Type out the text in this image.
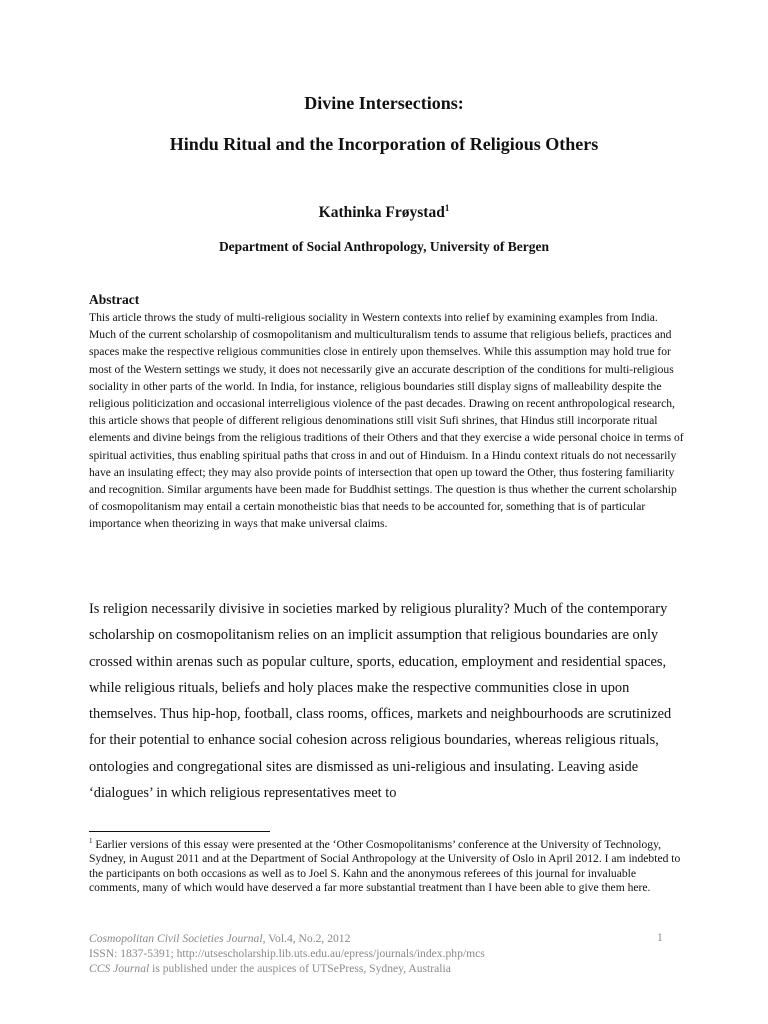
Divine Intersections:
Hindu Ritual and the Incorporation of Religious Others
Kathinka Frøystad$^1$
Department of Social Anthropology, University of Bergen
Abstract

This article throws the study of multi-religious sociality in Western contexts into relief by examining examples from India. Much of the current scholarship of cosmopolitanism and multiculturalism tends to assume that religious beliefs, practices and spaces make the respective religious communities close in entirely upon themselves. While this assumption may hold true for most of the Western settings we study, it does not necessarily give an accurate description of the conditions for multi-religious sociality in other parts of the world. In India, for instance, religious boundaries still display signs of malleability despite the religious politicization and occasional interreligious violence of the past decades. Drawing on recent anthropological research, this article shows that people of different religious denominations still visit Sufi shrines, that Hindus still incorporate ritual elements and divine beings from the religious traditions of their Others and that they exercise a wide personal choice in terms of spiritual activities, thus enabling spiritual paths that cross in and out of Hinduism. In a Hindu context rituals do not necessarily have an insulating effect; they may also provide points of intersection that open up toward the Other, thus fostering familiarity and recognition. Similar arguments have been made for Buddhist settings. The question is thus whether the current scholarship of cosmopolitanism may entail a certain monotheistic bias that needs to be accounted for, something that is of particular importance when theorizing in ways that make universal claims.

Is religion necessarily divisive in societies marked by religious plurality? Much of the contemporary scholarship on cosmopolitanism relies on an implicit assumption that religious boundaries are only crossed within arenas such as popular culture, sports, education, employment and residential spaces, while religious rituals, beliefs and holy places make the respective communities close in upon themselves. Thus hip-hop, football, class rooms, offices, markets and neighbourhoods are scrutinized for their potential to enhance social cohesion across religious boundaries, whereas religious rituals, ontologies and congregational sites are dismissed as uni-religious and insulating. Leaving aside ‘dialogues’ in which religious representatives meet to

$^1$ Earlier versions of this essay were presented at the ‘Other Cosmopolitanisms’ conference at the University of Technology, Sydney, in August 2011 and at the Department of Social Anthropology at the University of Oslo in April 2012. I am indebted to the participants on both occasions as well as to Joel S. Kahn and the anonymous referees of this journal for invaluable comments, many of which would have deserved a far more substantial treatment than I have been able to give them here.

Cosmopolitan Civil Societies Journal, Vol.4, No.2, 2012
ISSN: 1837-5391; http://utsescholarship.lib.uts.edu.au/epress/journals/index.php/mcs
CCS Journal is published under the auspices of UTSePress, Sydney, Australia
1
